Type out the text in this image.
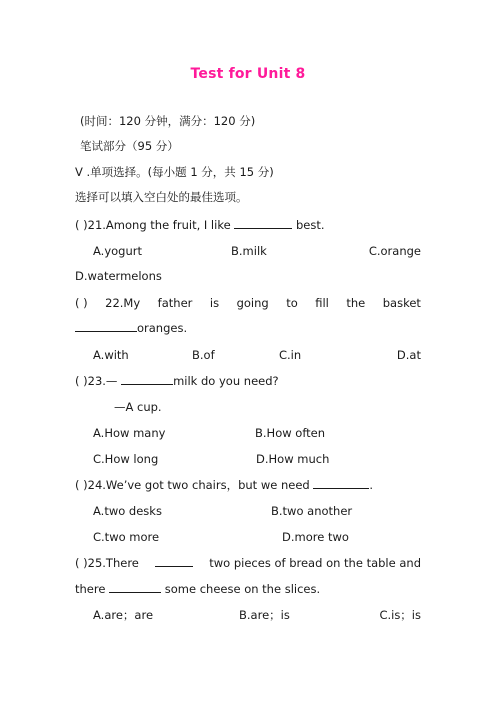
Test for Unit 8
(时间：120 分钟，满分：120 分)
笔试部分（95 分）
V .单项选择。(每小题 1 分，共 15 分)
选择可以填入空白处的最佳选项。
( )21.Among the fruit, I like	best.
A.yogurt	B.milk	C.orange
D.watermelons
( ) 22.My father is going to fill the basket
oranges.
A.with	B.of	C.in	D.at
( )23.—	milk do you need?
—A cup.
A.How many	B.How often
C.How long	D.How much
( )24.We’ve got two chairs，but we need	.
A.two desks	B.two another
C.two more	D.more two
( )25.There	two pieces of bread on the table and
there	some cheese on the slices.
A.are；are	B.are；is	C.is；is
